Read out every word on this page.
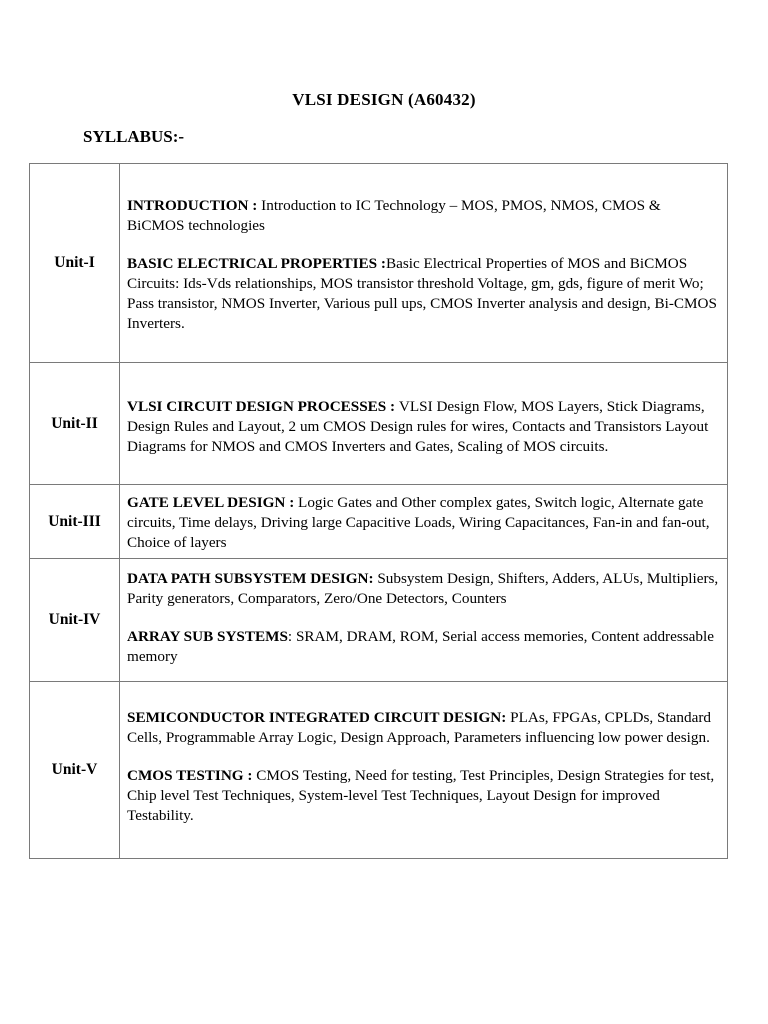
VLSI DESIGN (A60432)
SYLLABUS:-
Unit-I	INTRODUCTION : Introduction to IC Technology – MOS, PMOS, NMOS, CMOS & BiCMOS technologies

BASIC ELECTRICAL PROPERTIES :Basic Electrical Properties of MOS and BiCMOS Circuits: Ids-Vds relationships, MOS transistor threshold Voltage, gm, gds, figure of merit Wo; Pass transistor, NMOS Inverter, Various pull ups, CMOS Inverter analysis and design, Bi-CMOS Inverters.

Unit-II	VLSI CIRCUIT DESIGN PROCESSES : VLSI Design Flow, MOS Layers, Stick Diagrams, Design Rules and Layout, 2 um CMOS Design rules for wires, Contacts and Transistors Layout Diagrams for NMOS and CMOS Inverters and Gates, Scaling of MOS circuits.

Unit-III	GATE LEVEL DESIGN : Logic Gates and Other complex gates, Switch logic, Alternate gate circuits, Time delays, Driving large Capacitive Loads, Wiring Capacitances, Fan-in and fan-out, Choice of layers

Unit-IV	DATA PATH SUBSYSTEM DESIGN: Subsystem Design, Shifters, Adders, ALUs, Multipliers, Parity generators, Comparators, Zero/One Detectors, Counters

ARRAY SUB SYSTEMS: SRAM, DRAM, ROM, Serial access memories, Content addressable memory

Unit-V	SEMICONDUCTOR INTEGRATED CIRCUIT DESIGN: PLAs, FPGAs, CPLDs, Standard Cells, Programmable Array Logic, Design Approach, Parameters influencing low power design.

CMOS TESTING : CMOS Testing, Need for testing, Test Principles, Design Strategies for test, Chip level Test Techniques, System-level Test Techniques, Layout Design for improved Testability.
